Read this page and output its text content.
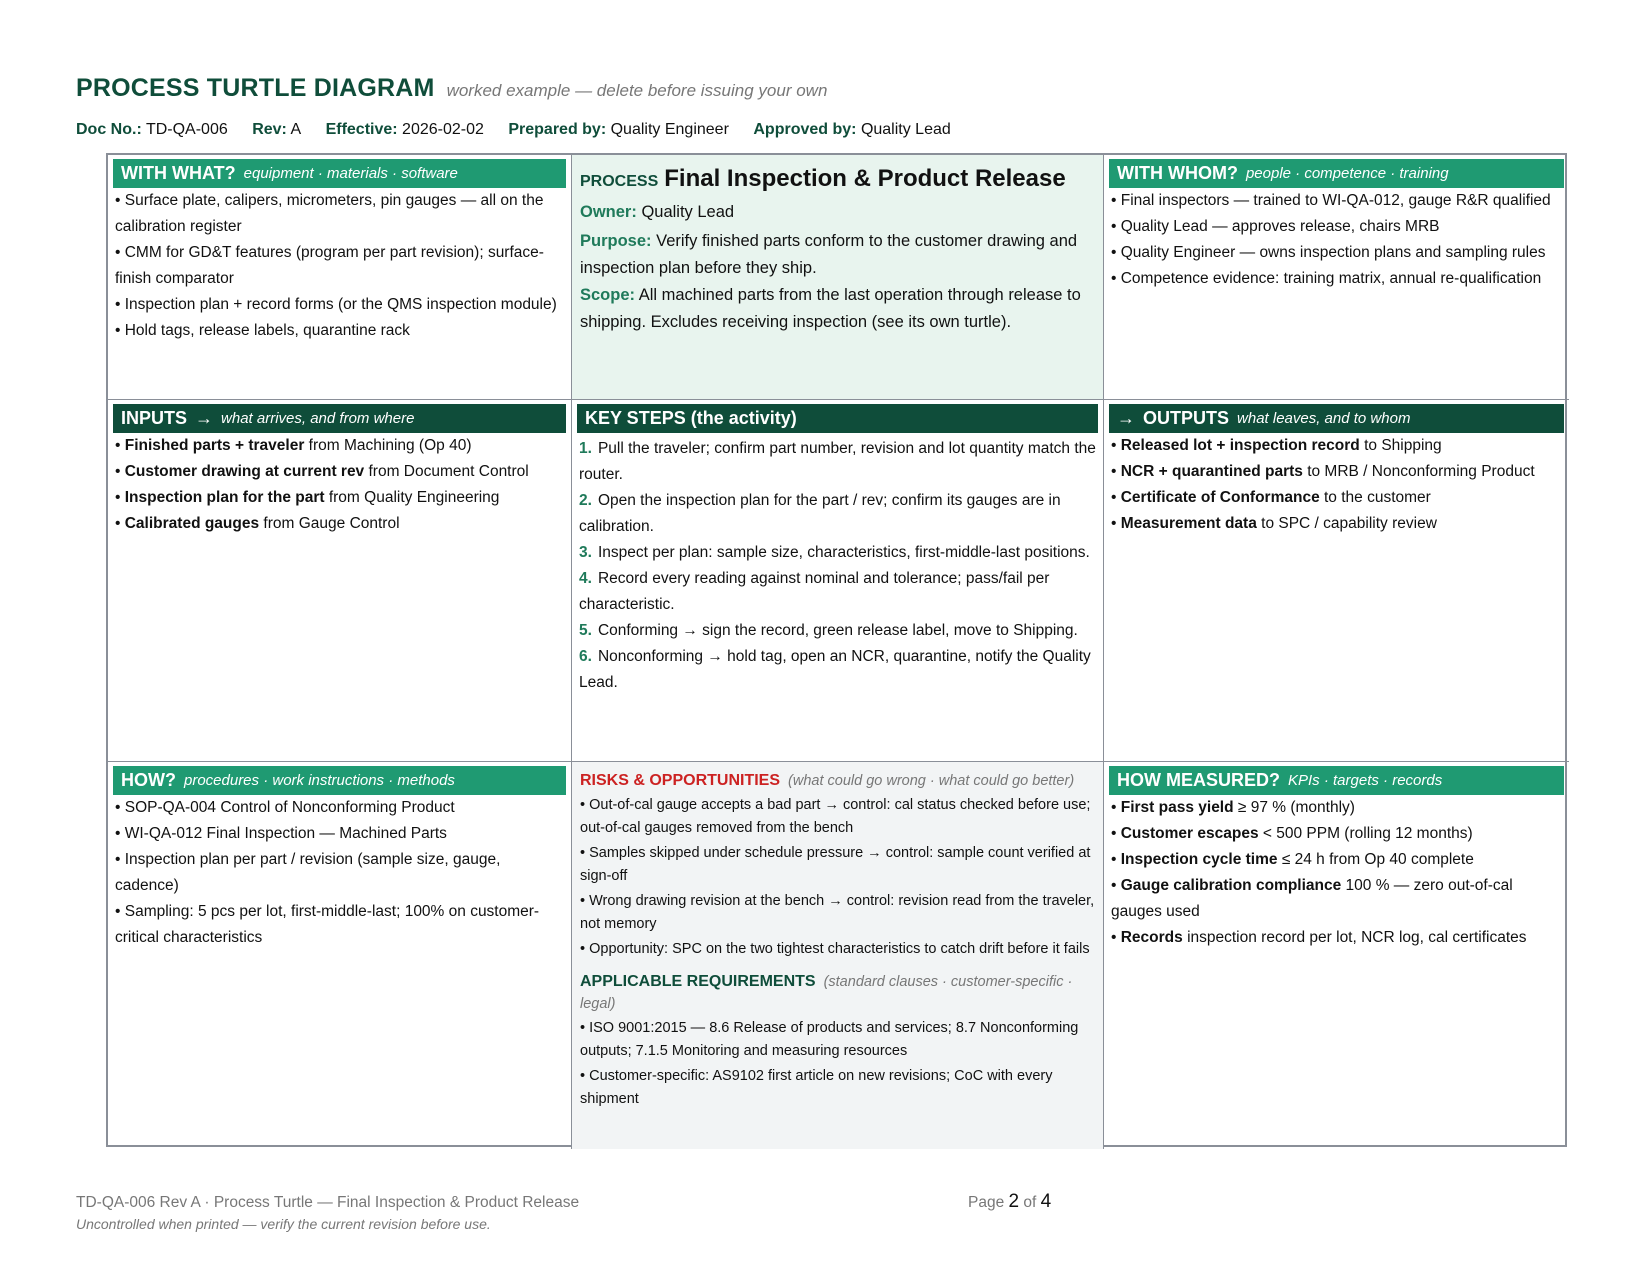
PROCESS TURTLE DIAGRAM worked example — delete before issuing your own
Doc No.: TD-QA-006 Rev: A Effective: 2026-02-02 Prepared by: Quality Engineer Approved by: Quality Lead
WITH WHAT? equipment · materials · software
• Surface plate, calipers, micrometers, pin gauges — all on the calibration register
• CMM for GD&T features (program per part revision); surface-finish comparator
• Inspection plan + record forms (or the QMS inspection module)
• Hold tags, release labels, quarantine rack
PROCESS Final Inspection & Product Release
Owner: Quality Lead
Purpose: Verify finished parts conform to the customer drawing and inspection plan before they ship.
Scope: All machined parts from the last operation through release to shipping. Excludes receiving inspection (see its own turtle).
WITH WHOM? people · competence · training
• Final inspectors — trained to WI-QA-012, gauge R&R qualified
• Quality Lead — approves release, chairs MRB
• Quality Engineer — owns inspection plans and sampling rules
• Competence evidence: training matrix, annual re-qualification
INPUTS → what arrives, and from where
• Finished parts + traveler from Machining (Op 40)
• Customer drawing at current rev from Document Control
• Inspection plan for the part from Quality Engineering
• Calibrated gauges from Gauge Control
KEY STEPS (the activity)
1. Pull the traveler; confirm part number, revision and lot quantity match the router.
2. Open the inspection plan for the part / rev; confirm its gauges are in calibration.
3. Inspect per plan: sample size, characteristics, first-middle-last positions.
4. Record every reading against nominal and tolerance; pass/fail per characteristic.
5. Conforming → sign the record, green release label, move to Shipping.
6. Nonconforming → hold tag, open an NCR, quarantine, notify the Quality Lead.
→ OUTPUTS what leaves, and to whom
• Released lot + inspection record to Shipping
• NCR + quarantined parts to MRB / Nonconforming Product
• Certificate of Conformance to the customer
• Measurement data to SPC / capability review
HOW? procedures · work instructions · methods
• SOP-QA-004 Control of Nonconforming Product
• WI-QA-012 Final Inspection — Machined Parts
• Inspection plan per part / revision (sample size, gauge, cadence)
• Sampling: 5 pcs per lot, first-middle-last; 100% on customer-critical characteristics
RISKS & OPPORTUNITIES (what could go wrong · what could go better)
• Out-of-cal gauge accepts a bad part → control: cal status checked before use; out-of-cal gauges removed from the bench
• Samples skipped under schedule pressure → control: sample count verified at sign-off
• Wrong drawing revision at the bench → control: revision read from the traveler, not memory
• Opportunity: SPC on the two tightest characteristics to catch drift before it fails
APPLICABLE REQUIREMENTS (standard clauses · customer-specific · legal)
• ISO 9001:2015 — 8.6 Release of products and services; 8.7 Nonconforming outputs; 7.1.5 Monitoring and measuring resources
• Customer-specific: AS9102 first article on new revisions; CoC with every shipment
HOW MEASURED? KPIs · targets · records
• First pass yield ≥ 97 % (monthly)
• Customer escapes < 500 PPM (rolling 12 months)
• Inspection cycle time ≤ 24 h from Op 40 complete
• Gauge calibration compliance 100 % — zero out-of-cal gauges used
• Records inspection record per lot, NCR log, cal certificates
TD-QA-006 Rev A · Process Turtle — Final Inspection & Product Release
Uncontrolled when printed — verify the current revision before use.
Page 2 of 4
